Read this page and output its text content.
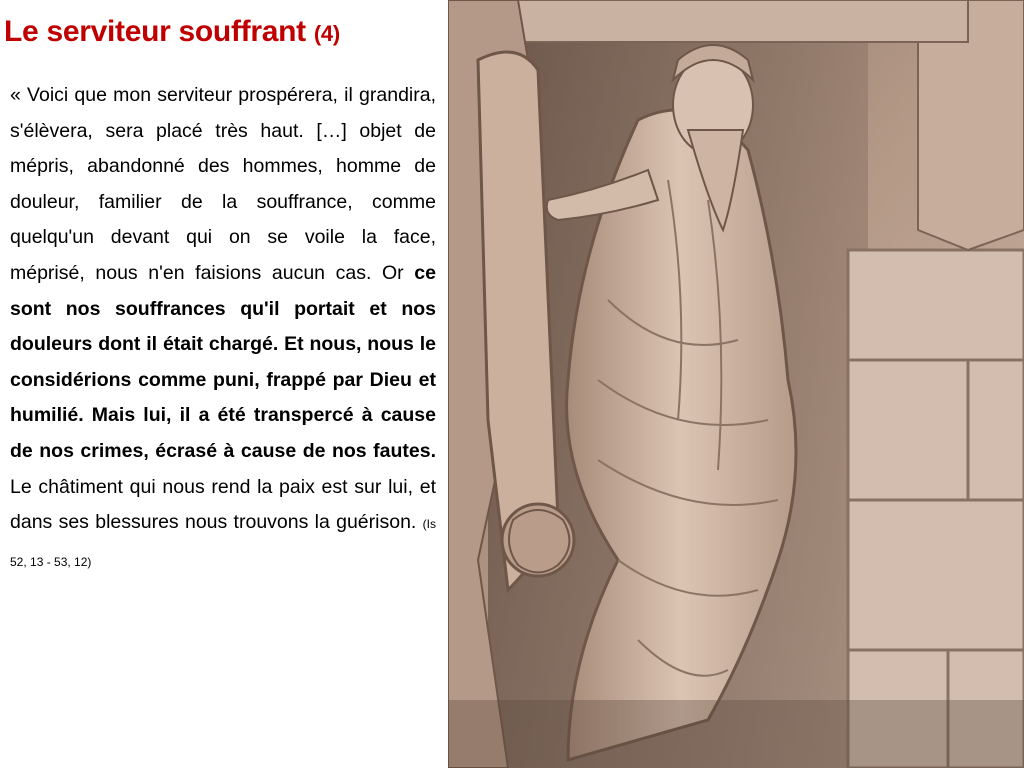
Le serviteur souffrant (4)

« Voici que mon serviteur prospérera, il grandira, s'élèvera, sera placé très haut. […] objet de mépris, abandonné des hommes, homme de douleur, familier de la souffrance, comme quelqu'un devant qui on se voile la face, méprisé, nous n'en faisions aucun cas. Or ce sont nos souffrances qu'il portait et nos douleurs dont il était chargé. Et nous, nous le considérions comme puni, frappé par Dieu et humilié. Mais lui, il a été transpercé à cause de nos crimes, écrasé à cause de nos fautes. Le châtiment qui nous rend la paix est sur lui, et dans ses blessures nous trouvons la guérison. (Is 52, 13 - 53, 12)
